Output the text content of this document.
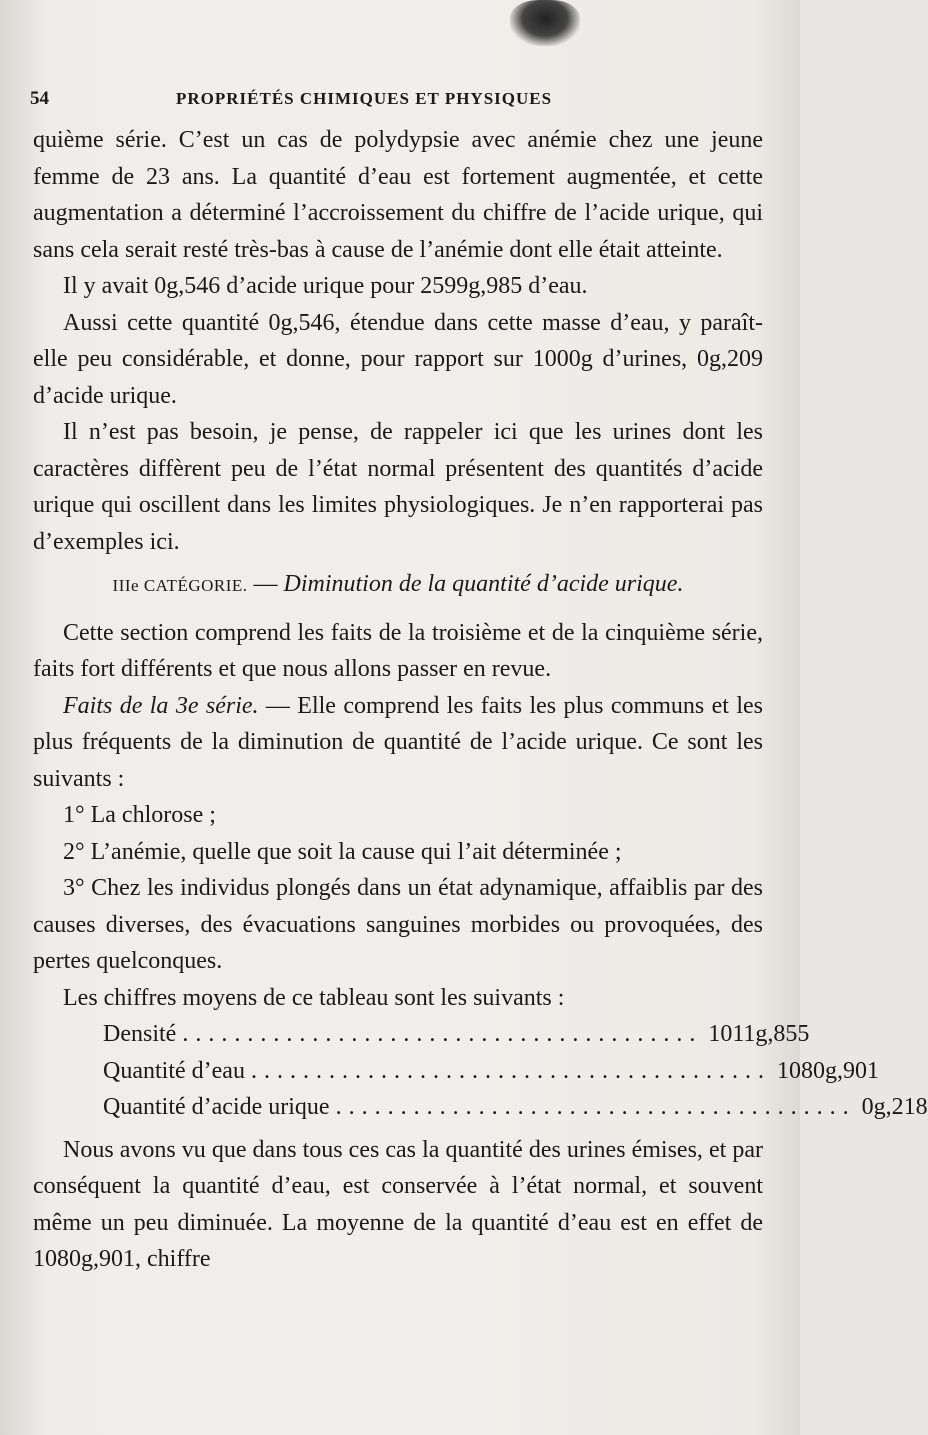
54	PROPRIÉTÉS CHIMIQUES ET PHYSIQUES

quième série. C’est un cas de polydypsie avec anémie chez une jeune femme de 23 ans. La quantité d’eau est fortement augmentée, et cette augmentation a déterminé l’accroissement du chiffre de l’acide urique, qui sans cela serait resté très-bas à cause de l’anémie dont elle était atteinte.

Il y avait 0g,546 d’acide urique pour 2599g,985 d’eau.

Aussi cette quantité 0g,546, étendue dans cette masse d’eau, y paraît-elle peu considérable, et donne, pour rapport sur 1000g d’urines, 0g,209 d’acide urique.

Il n’est pas besoin, je pense, de rappeler ici que les urines dont les caractères diffèrent peu de l’état normal présentent des quantités d’acide urique qui oscillent dans les limites physiologiques. Je n’en rapporterai pas d’exemples ici.

IIIe CATÉGORIE. — Diminution de la quantité d’acide urique.

Cette section comprend les faits de la troisième et de la cinquième série, faits fort différents et que nous allons passer en revue.

Faits de la 3e série. — Elle comprend les faits les plus communs et les plus fréquents de la diminution de quantité de l’acide urique. Ce sont les suivants :

1° La chlorose ;

2° L’anémie, quelle que soit la cause qui l’ait déterminée ;

3° Chez les individus plongés dans un état adynamique, affaiblis par des causes diverses, des évacuations sanguines morbides ou provoquées, des pertes quelconques.

Les chiffres moyens de ce tableau sont les suivants :

Densité ........................................ 1011g,855
Quantité d’eau ........................................ 1080g,901
Quantité d’acide urique ........................................ 0g,218

Nous avons vu que dans tous ces cas la quantité des urines émises, et par conséquent la quantité d’eau, est conservée à l’état normal, et souvent même un peu diminuée. La moyenne de la quantité d’eau est en effet de 1080g,901, chiffre
